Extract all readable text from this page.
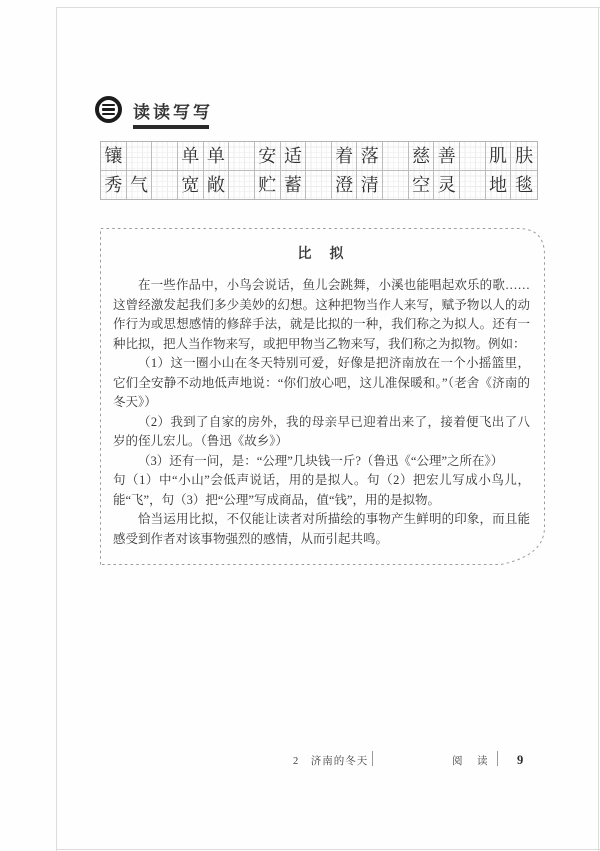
读读写写
镶	单 单 安 适 着 落 慈 善 肌 肤
秀 气 宽 敞 贮 蓄 澄 清 空 灵 地 毯
比　拟

在一些作品中，小鸟会说话，鱼儿会跳舞，小溪也能唱起欢乐的歌……这曾经激发起我们多少美妙的幻想。这种把物当作人来写，赋予物以人的动作行为或思想感情的修辞手法，就是比拟的一种，我们称之为拟人。还有一种比拟，把人当作物来写，或把甲物当乙物来写，我们称之为拟物。例如：

（1）这一圈小山在冬天特别可爱，好像是把济南放在一个小摇篮里，它们全安静不动地低声地说：“你们放心吧，这儿准保暖和。”（老舍《济南的冬天》）

（2）我到了自家的房外，我的母亲早已迎着出来了，接着便飞出了八岁的侄儿宏儿。（鲁迅《故乡》）

（3）还有一问，是：“公理”几块钱一斤?（鲁迅《“公理”之所在》）

句（1）中“小山”会低声说话，用的是拟人。句（2）把宏儿写成小鸟儿，能“飞”，句（3）把“公理”写成商品，值“钱”，用的是拟物。

恰当运用比拟，不仅能让读者对所描绘的事物产生鲜明的印象，而且能感受到作者对该事物强烈的感情，从而引起共鸣。

2　济南的冬天	阅　读 9
